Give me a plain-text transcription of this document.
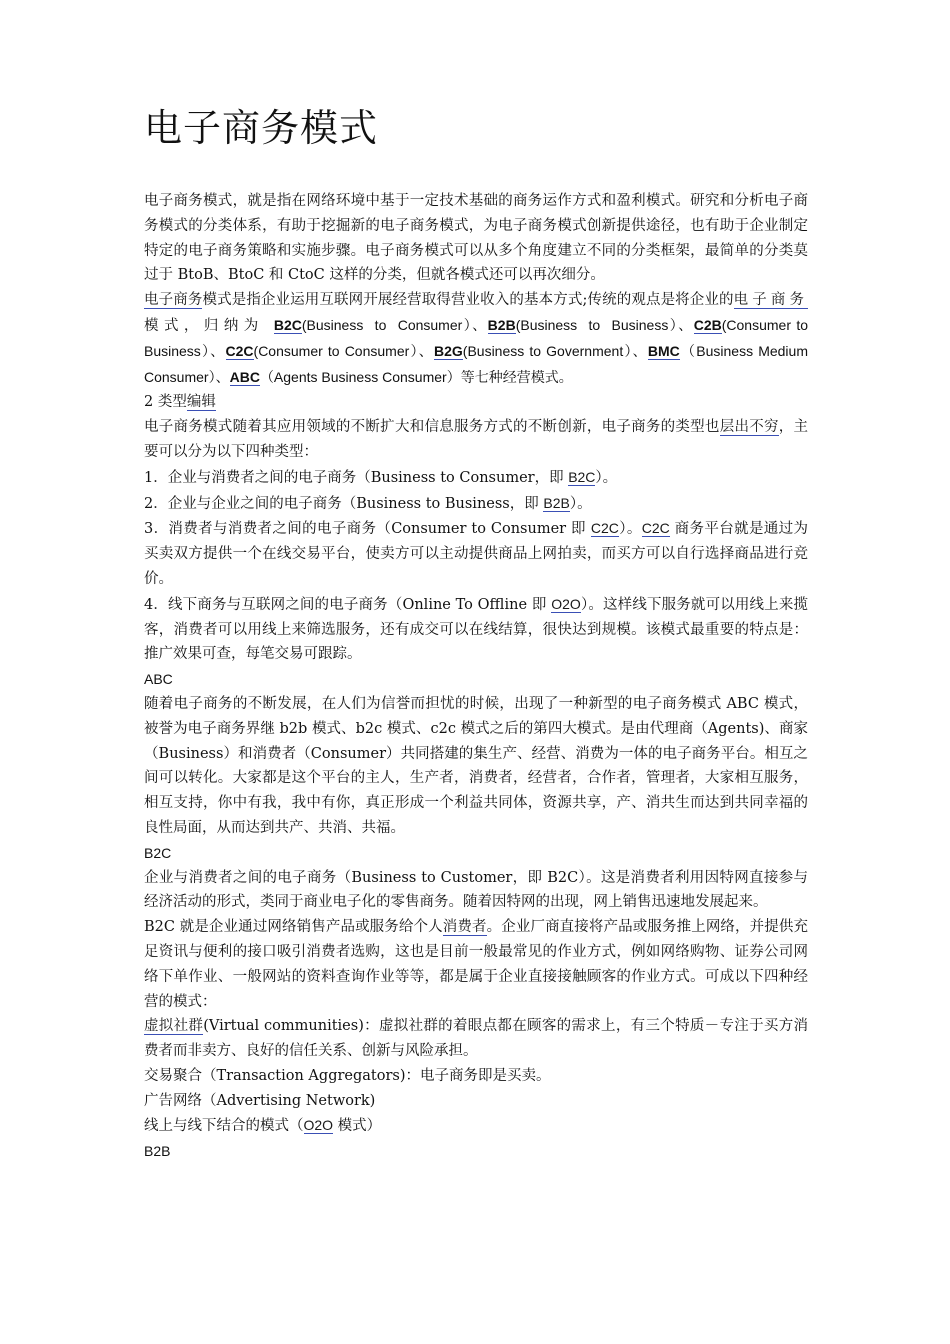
电子商务模式

电子商务模式，就是指在网络环境中基于一定技术基础的商务运作方式和盈利模式。研究和分析电子商务模式的分类体系，有助于挖掘新的电子商务模式，为电子商务模式创新提供途径，也有助于企业制定特定的电子商务策略和实施步骤。电子商务模式可以从多个角度建立不同的分类框架，最简单的分类莫过于 BtoB、BtoC 和 CtoC 这样的分类，但就各模式还可以再次细分。

电子商务模式是指企业运用互联网开展经营取得营业收入的基本方式;传统的观点是将企业的电子商务模式，归纳为 B2C(Business to Consumer）、B2B(Business to Business）、C2B(Consumer to Business）、C2C(Consumer to Consumer）、B2G(Business to Government）、BMC（Business Medium Consumer）、ABC（Agents Business Consumer）等七种经营模式。

2 类型编辑

电子商务模式随着其应用领域的不断扩大和信息服务方式的不断创新，电子商务的类型也层出不穷，主要可以分为以下四种类型：

1．企业与消费者之间的电子商务（Business to Consumer，即 B2C）。

2．企业与企业之间的电子商务（Business to Business，即 B2B）。

3．消费者与消费者之间的电子商务（Consumer to Consumer 即 C2C）。C2C 商务平台就是通过为买卖双方提供一个在线交易平台，使卖方可以主动提供商品上网拍卖，而买方可以自行选择商品进行竞价。

4．线下商务与互联网之间的电子商务（Online To Offline 即 O2O）。这样线下服务就可以用线上来揽客，消费者可以用线上来筛选服务，还有成交可以在线结算，很快达到规模。该模式最重要的特点是：推广效果可查，每笔交易可跟踪。

ABC

随着电子商务的不断发展，在人们为信誉而担忧的时候，出现了一种新型的电子商务模式 ABC 模式，被誉为电子商务界继 b2b 模式、b2c 模式、c2c 模式之后的第四大模式。是由代理商（Agents)、商家（Business）和消费者（Consumer）共同搭建的集生产、经营、消费为一体的电子商务平台。相互之间可以转化。大家都是这个平台的主人，生产者，消费者，经营者，合作者，管理者，大家相互服务，相互支持，你中有我，我中有你，真正形成一个利益共同体，资源共享，产、消共生而达到共同幸福的良性局面，从而达到共产、共消、共福。

B2C

企业与消费者之间的电子商务（Business to Customer，即 B2C）。这是消费者利用因特网直接参与经济活动的形式，类同于商业电子化的零售商务。随着因特网的出现，网上销售迅速地发展起来。

B2C 就是企业通过网络销售产品或服务给个人消费者。企业厂商直接将产品或服务推上网络，并提供充足资讯与便利的接口吸引消费者选购，这也是目前一般最常见的作业方式，例如网络购物、证券公司网络下单作业、一般网站的资料查询作业等等，都是属于企业直接接触顾客的作业方式。可成以下四种经营的模式：

虚拟社群(Virtual communities)：虚拟社群的着眼点都在顾客的需求上，有三个特质－专注于买方消费者而非卖方、良好的信任关系、创新与风险承担。

交易聚合（Transaction Aggregators)：电子商务即是买卖。

广告网络（Advertising Network)

线上与线下结合的模式（O2O 模式）

B2B
